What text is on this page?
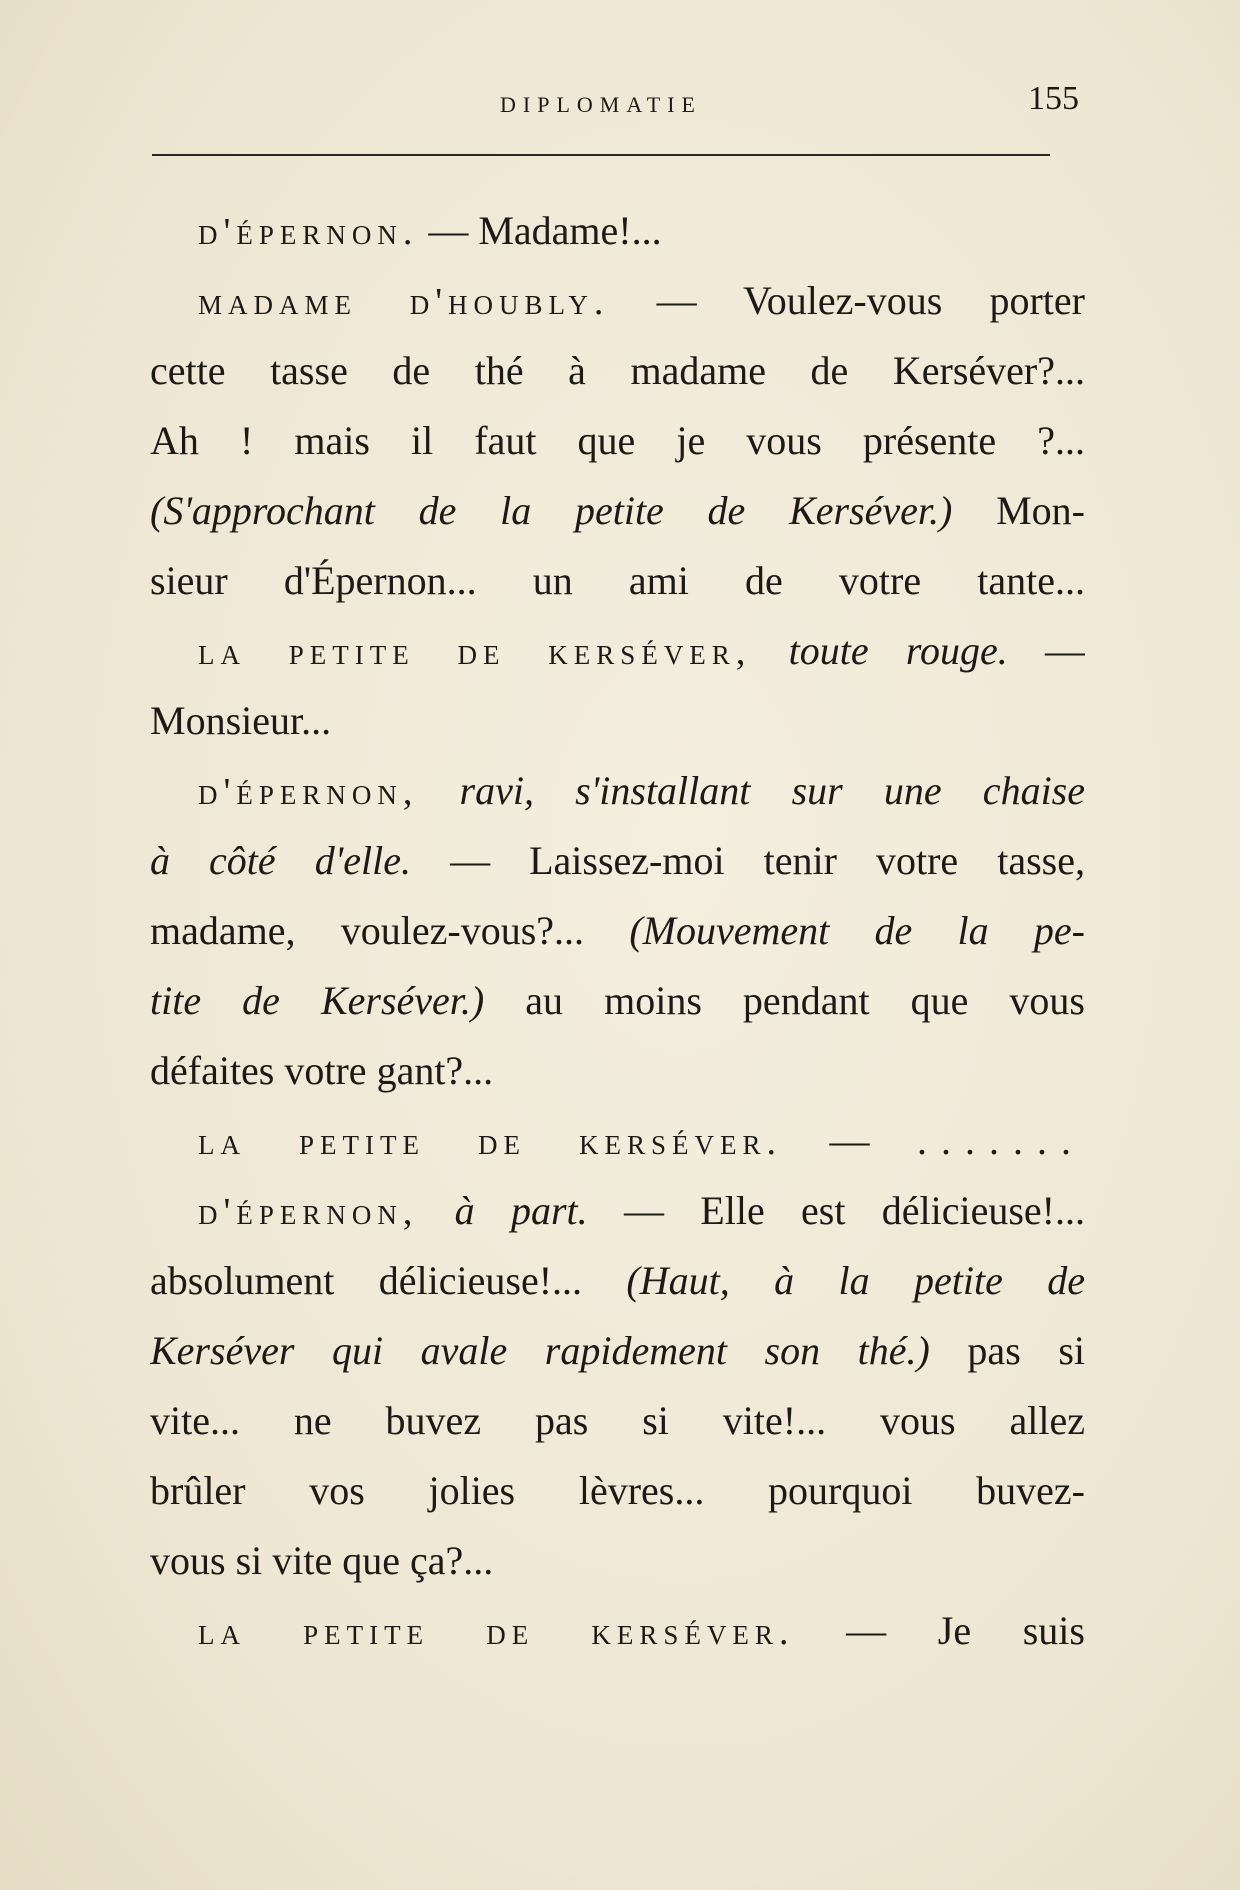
DIPLOMATIE	155
d'épernon. — Madame!...
madame d'houbly. — Voulez-vous porter
cette tasse de thé à madame de Kerséver?...
Ah ! mais il faut que je vous présente ?...
(S'approchant de la petite de Kerséver.) Mon-
sieur d'Épernon... un ami de votre tante...
la petite de kerséver, toute rouge. —
Monsieur...
d'épernon, ravi, s'installant sur une chaise
à côté d'elle. — Laissez-moi tenir votre tasse,
madame, voulez-vous?... (Mouvement de la pe-
tite de Kerséver.) au moins pendant que vous
défaites votre gant?...
la petite de kerséver. — .......
d'épernon, à part. — Elle est délicieuse!...
absolument délicieuse!... (Haut, à la petite de
Kerséver qui avale rapidement son thé.) pas si
vite... ne buvez pas si vite!... vous allez
brûler vos jolies lèvres... pourquoi buvez-
vous si vite que ça?...
la petite de kerséver. — Je suis
